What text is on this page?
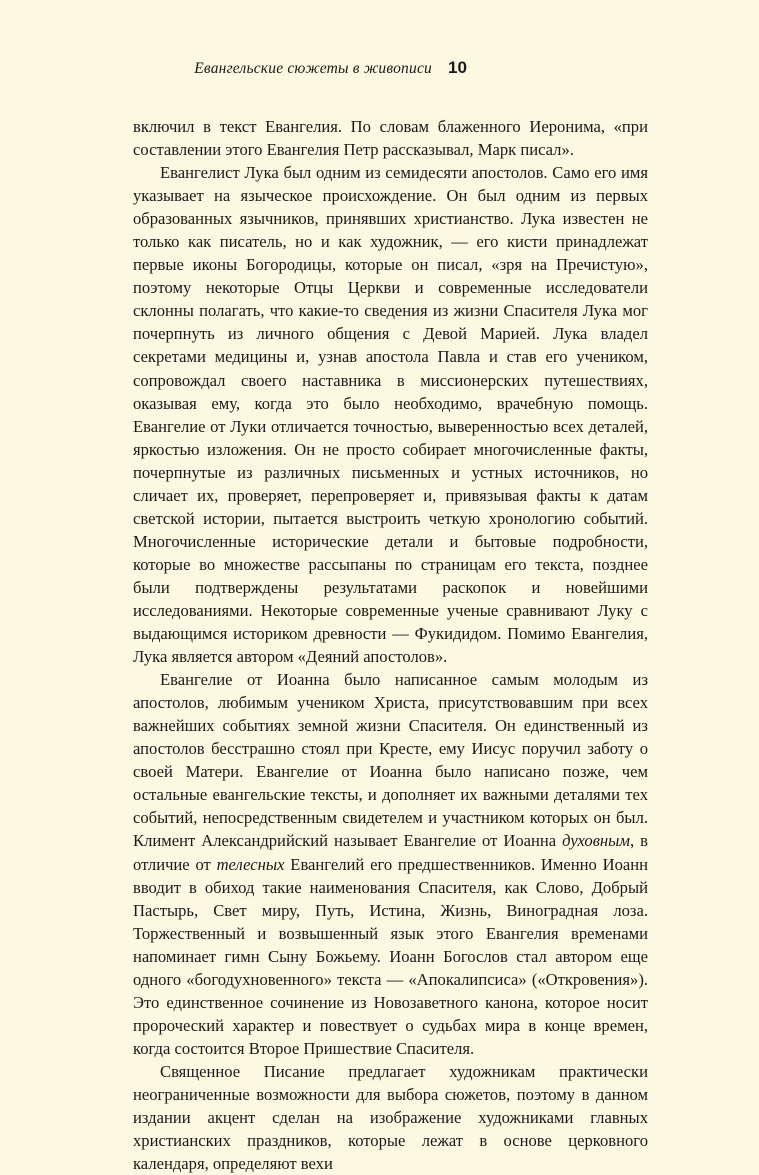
Евангельские сюжеты в живописи 10

включил в текст Евангелия. По словам блаженного Иеронима, «при составлении этого Евангелия Петр рассказывал, Марк писал».

Евангелист Лука был одним из семидесяти апостолов. Само его имя указывает на языческое происхождение. Он был одним из первых образованных язычников, принявших христианство. Лука известен не только как писатель, но и как художник, — его кисти принадлежат первые иконы Богородицы, которые он писал, «зря на Пречистую», поэтому некоторые Отцы Церкви и современные исследователи склонны полагать, что какие-то сведения из жизни Спасителя Лука мог почерпнуть из личного общения с Девой Марией. Лука владел секретами медицины и, узнав апостола Павла и став его учеником, сопровождал своего наставника в миссионерских путешествиях, оказывая ему, когда это было необходимо, врачебную помощь. Евангелие от Луки отличается точностью, выверенностью всех деталей, яркостью изложения. Он не просто собирает многочисленные факты, почерпнутые из различных письменных и устных источников, но сличает их, проверяет, перепроверяет и, привязывая факты к датам светской истории, пытается выстроить четкую хронологию событий. Многочисленные исторические детали и бытовые подробности, которые во множестве рассыпаны по страницам его текста, позднее были подтверждены результатами раскопок и новейшими исследованиями. Некоторые современные ученые сравнивают Луку с выдающимся историком древности — Фукидидом. Помимо Евангелия, Лука является автором «Деяний апостолов».

Евангелие от Иоанна было написанное самым молодым из апостолов, любимым учеником Христа, присутствовавшим при всех важнейших событиях земной жизни Спасителя. Он единственный из апостолов бесстрашно стоял при Кресте, ему Иисус поручил заботу о своей Матери. Евангелие от Иоанна было написано позже, чем остальные евангельские тексты, и дополняет их важными деталями тех событий, непосредственным свидетелем и участником которых он был. Климент Александрийский называет Евангелие от Иоанна духовным, в отличие от телесных Евангелий его предшественников. Именно Иоанн вводит в обиход такие наименования Спасителя, как Слово, Добрый Пастырь, Свет миру, Путь, Истина, Жизнь, Виноградная лоза. Торжественный и возвышенный язык этого Евангелия временами напоминает гимн Сыну Божьему. Иоанн Богослов стал автором еще одного «богодухновенного» текста — «Апокалипсиса» («Откровения»). Это единственное сочинение из Новозаветного канона, которое носит пророческий характер и повествует о судьбах мира в конце времен, когда состоится Второе Пришествие Спасителя.

Священное Писание предлагает художникам практически неограниченные возможности для выбора сюжетов, поэтому в данном издании акцент сделан на изображение художниками главных христианских праздников, которые лежат в основе церковного календаря, определяют вехи
